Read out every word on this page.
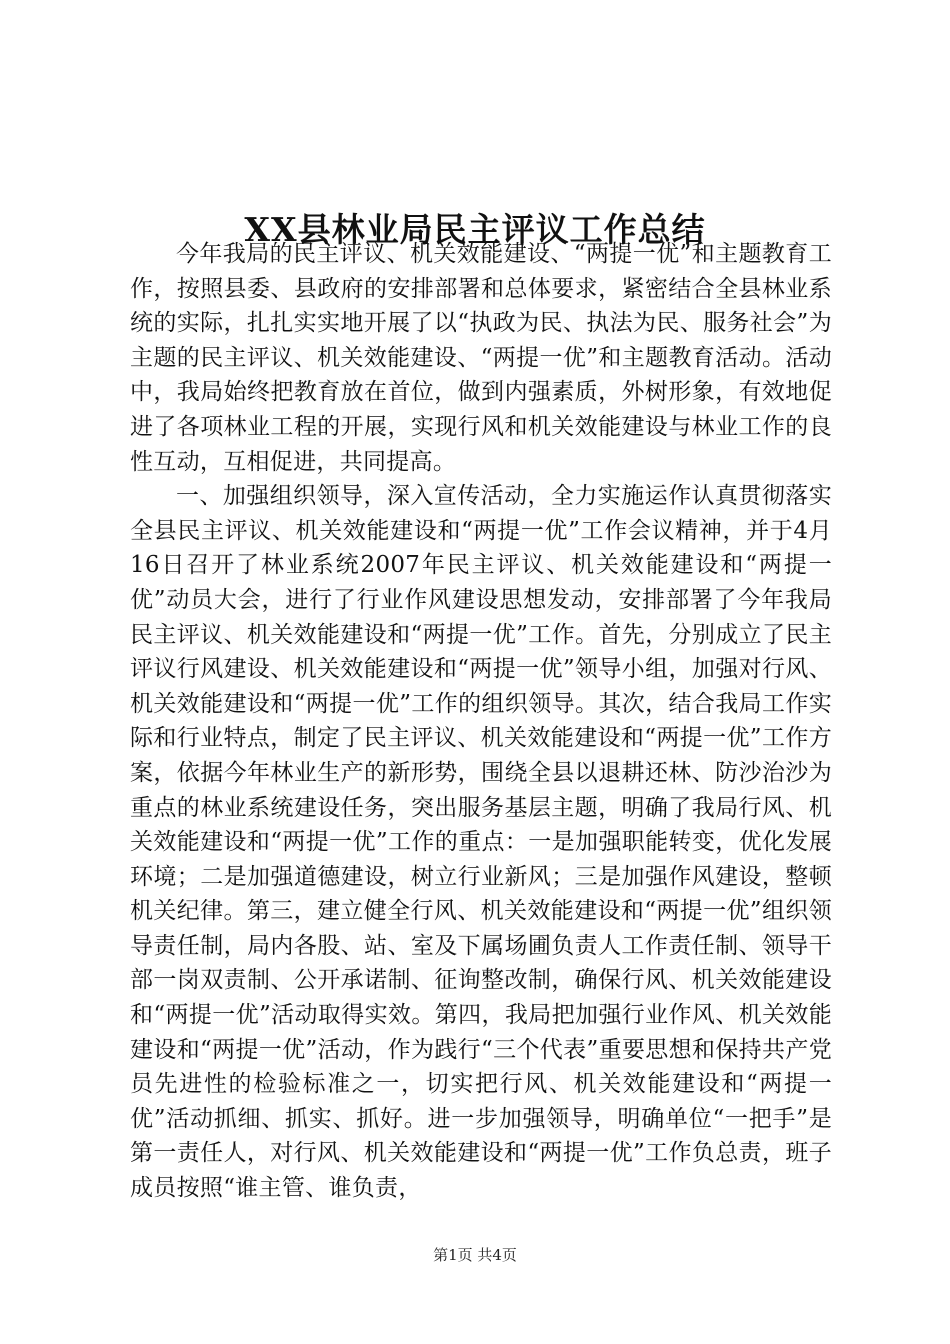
XX县林业局民主评议工作总结

今年我局的民主评议、机关效能建设、“两提一优”和主题教育工作，按照县委、县政府的安排部署和总体要求，紧密结合全县林业系统的实际，扎扎实实地开展了以“执政为民、执法为民、服务社会”为主题的民主评议、机关效能建设、“两提一优”和主题教育活动。活动中，我局始终把教育放在首位，做到内强素质，外树形象，有效地促进了各项林业工程的开展，实现行风和机关效能建设与林业工作的良性互动，互相促进，共同提高。

一、加强组织领导，深入宣传活动，全力实施运作认真贯彻落实全县民主评议、机关效能建设和“两提一优”工作会议精神，并于4月16日召开了林业系统2007年民主评议、机关效能建设和“两提一优”动员大会，进行了行业作风建设思想发动，安排部署了今年我局民主评议、机关效能建设和“两提一优”工作。首先，分别成立了民主评议行风建设、机关效能建设和“两提一优”领导小组，加强对行风、机关效能建设和“两提一优”工作的组织领导。其次，结合我局工作实际和行业特点，制定了民主评议、机关效能建设和“两提一优”工作方案，依据今年林业生产的新形势，围绕全县以退耕还林、防沙治沙为重点的林业系统建设任务，突出服务基层主题，明确了我局行风、机关效能建设和“两提一优”工作的重点：一是加强职能转变，优化发展环境；二是加强道德建设，树立行业新风；三是加强作风建设，整顿机关纪律。第三，建立健全行风、机关效能建设和“两提一优”组织领导责任制，局内各股、站、室及下属场圃负责人工作责任制、领导干部一岗双责制、公开承诺制、征询整改制，确保行风、机关效能建设和“两提一优”活动取得实效。第四，我局把加强行业作风、机关效能建设和“两提一优”活动，作为践行“三个代表”重要思想和保持共产党员先进性的检验标准之一，切实把行风、机关效能建设和“两提一优”活动抓细、抓实、抓好。进一步加强领导，明确单位“一把手”是第一责任人，对行风、机关效能建设和“两提一优”工作负总责，班子成员按照“谁主管、谁负责，

第1页 共4页
